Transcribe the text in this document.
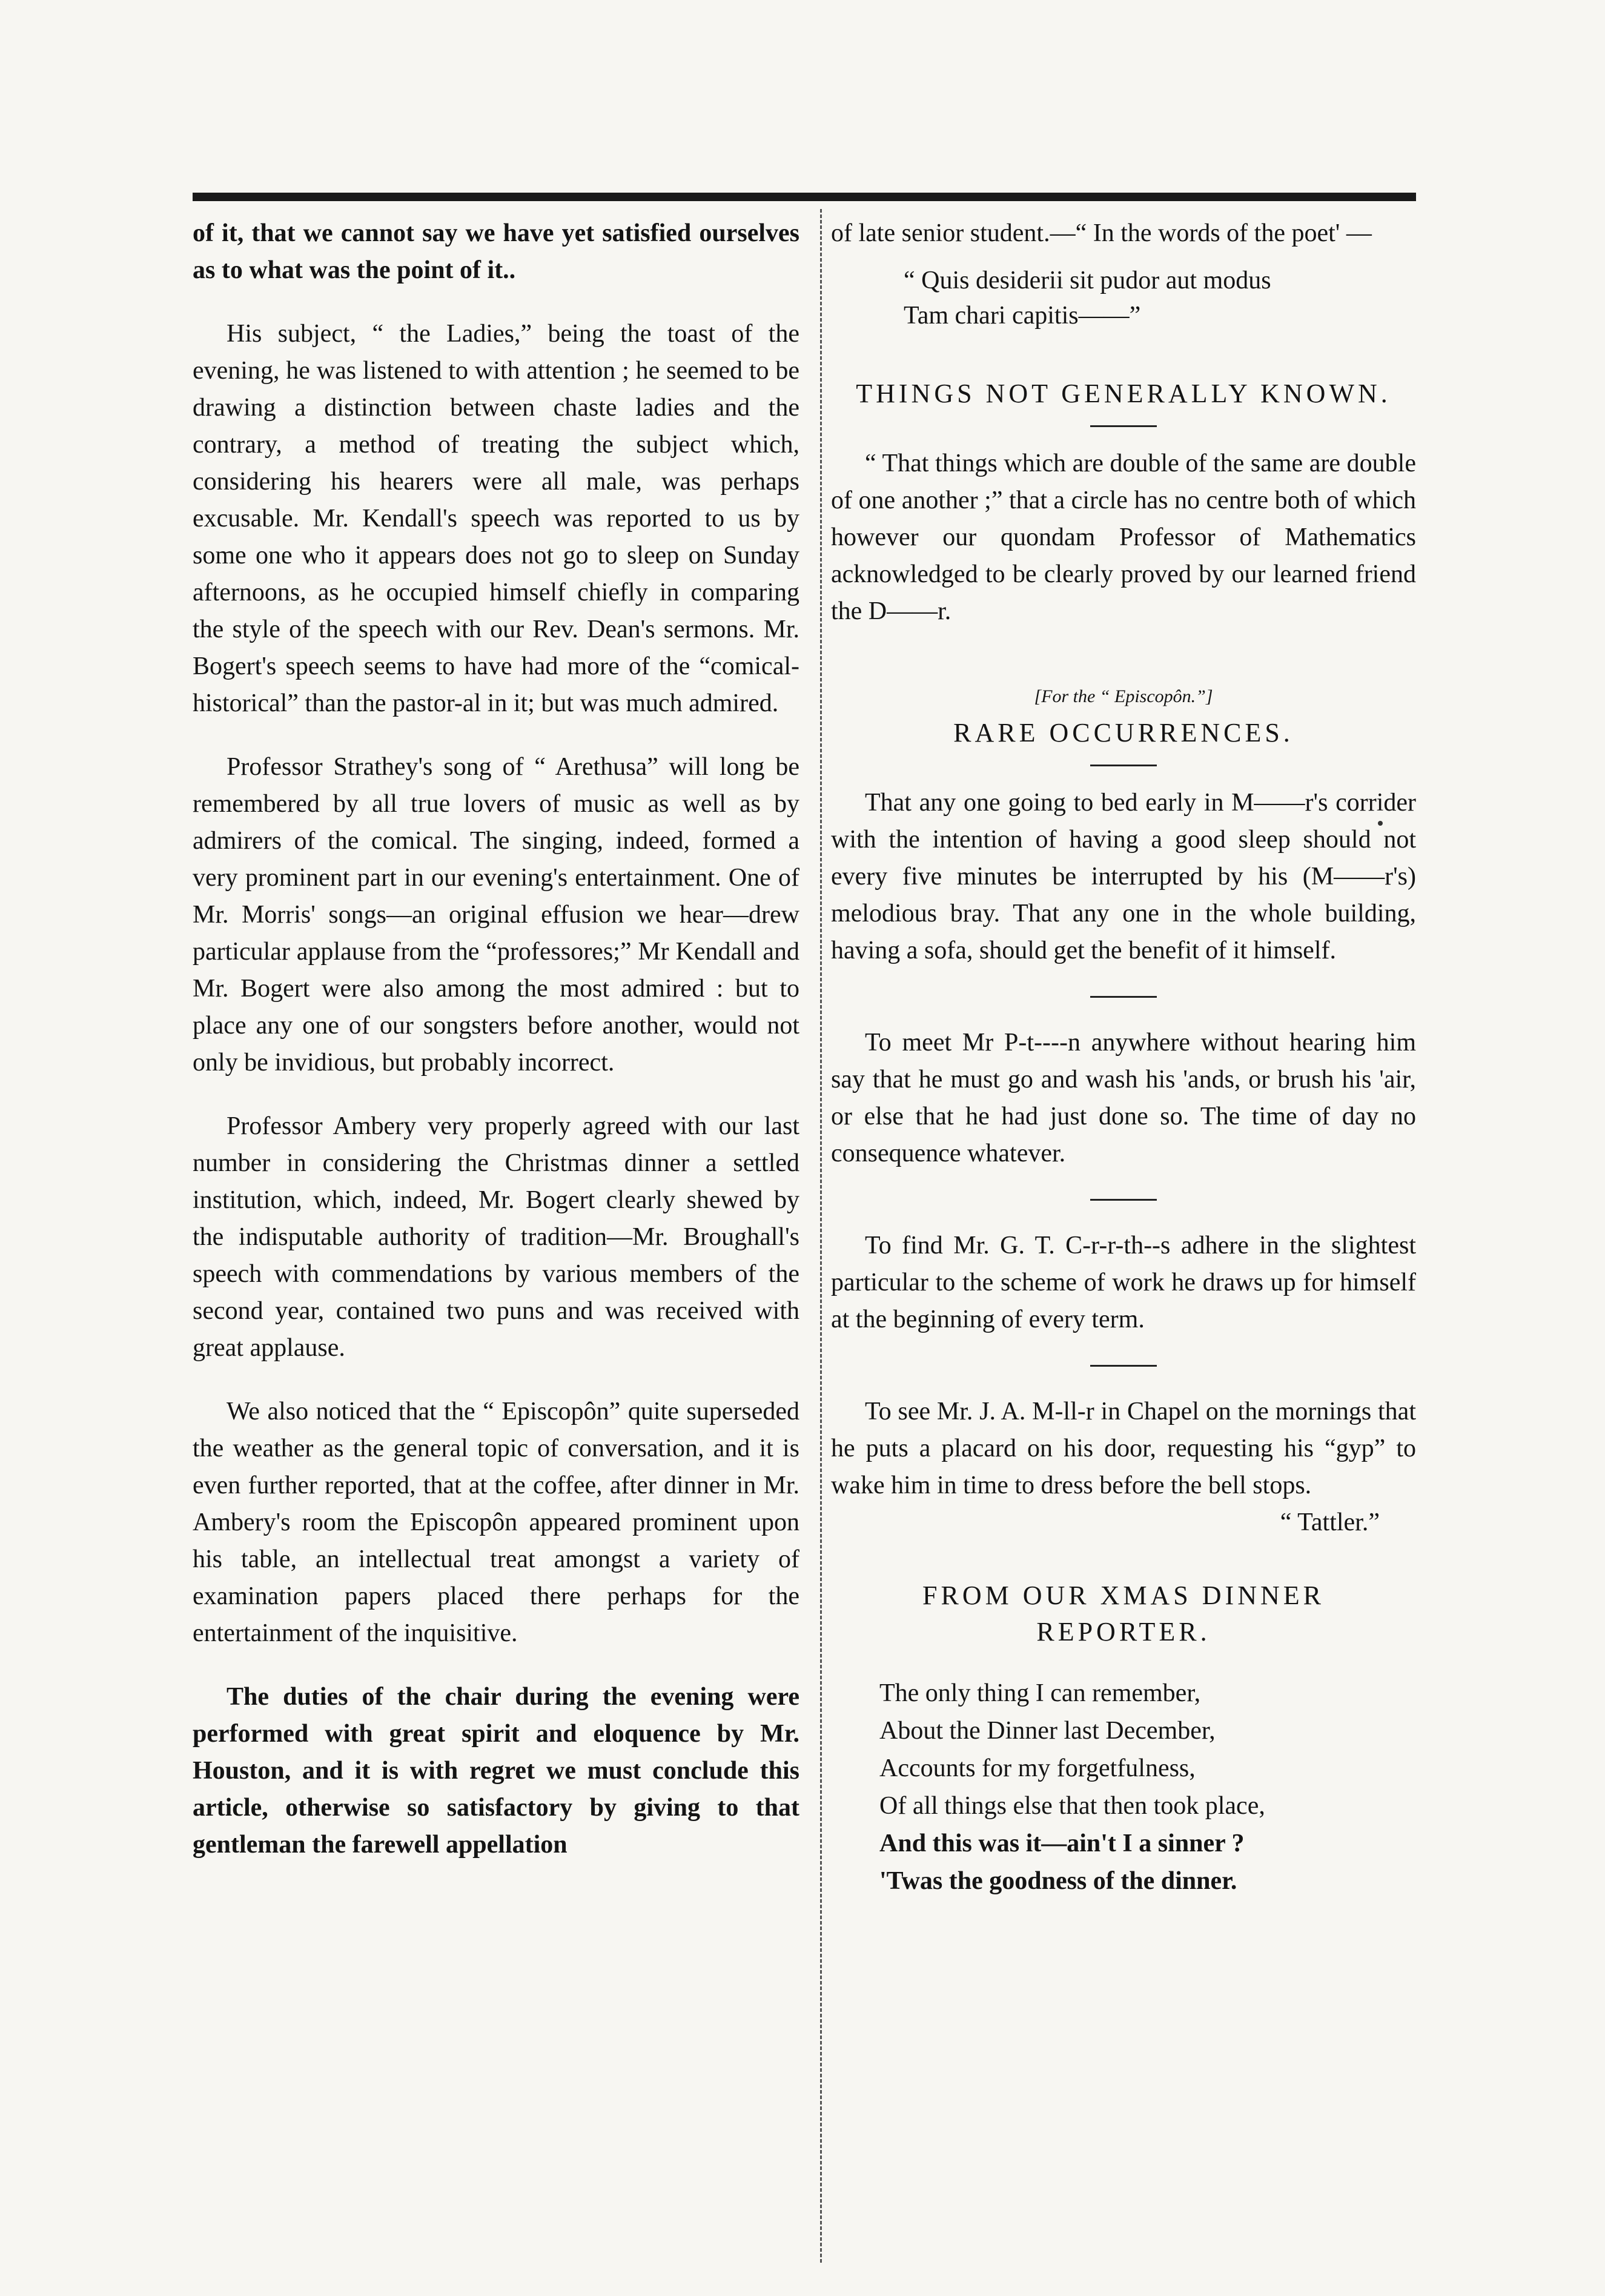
of it, that we cannot say we have yet satisfied ourselves as to what was the point of it..

His subject, “ the Ladies,” being the toast of the evening, he was listened to with attention ; he seemed to be drawing a distinction between chaste ladies and the contrary, a method of treating the subject which, considering his hearers were all male, was perhaps excusable. Mr. Kendall's speech was reported to us by some one who it appears does not go to sleep on Sunday afternoons, as he occupied himself chiefly in comparing the style of the speech with our Rev. Dean's sermons. Mr. Bogert's speech seems to have had more of the “comical-historical” than the pastor-al in it; but was much admired.

Professor Strathey's song of “ Arethusa” will long be remembered by all true lovers of music as well as by admirers of the comical. The singing, indeed, formed a very prominent part in our evening's entertainment. One of Mr. Morris' songs—an original effusion we hear—drew particular applause from the “professores;” Mr Kendall and Mr. Bogert were also among the most admired : but to place any one of our songsters before another, would not only be invidious, but probably incorrect.

Professor Ambery very properly agreed with our last number in considering the Christmas dinner a settled institution, which, indeed, Mr. Bogert clearly shewed by the indisputable authority of tradition—Mr. Broughall's speech with commendations by various members of the second year, contained two puns and was received with great applause.

We also noticed that the “ Episcopôn” quite superseded the weather as the general topic of conversation, and it is even further reported, that at the coffee, after dinner in Mr. Ambery's room the Episcopôn appeared prominent upon his table, an intellectual treat amongst a variety of examination papers placed there perhaps for the entertainment of the inquisitive.

The duties of the chair during the evening were performed with great spirit and eloquence by Mr. Houston, and it is with regret we must conclude this article, otherwise so satisfactory by giving to that gentleman the farewell appellation

of late senior student.—“ In the words of the poet' —

“ Quis desiderii sit pudor aut modus

Tam chari capitis——”

THINGS NOT GENERALLY KNOWN.

“ That things which are double of the same are double of one another ;” that a circle has no centre both of which however our quondam Professor of Mathematics acknowledged to be clearly proved by our learned friend the D——r.

[For the “ Episcopôn.”]
RARE OCCURRENCES.

That any one going to bed early in M——r's corrider with the intention of having a good sleep should not every five minutes be interrupted by his (M——r's) melodious bray. That any one in the whole building, having a sofa, should get the benefit of it himself.

To meet Mr P-t----n anywhere without hearing him say that he must go and wash his 'ands, or brush his 'air, or else that he had just done so. The time of day no consequence whatever.

To find Mr. G. T. C-r-r-th--s adhere in the slightest particular to the scheme of work he draws up for himself at the beginning of every term.

To see Mr. J. A. M-ll-r in Chapel on the mornings that he puts a placard on his door, requesting his “gyp” to wake him in time to dress before the bell stops.

“ Tattler.”

FROM OUR XMAS DINNER REPORTER.

The only thing I can remember,

About the Dinner last December,

Accounts for my forgetfulness,

Of all things else that then took place,

And this was it—ain't I a sinner ?

'Twas the goodness of the dinner.
